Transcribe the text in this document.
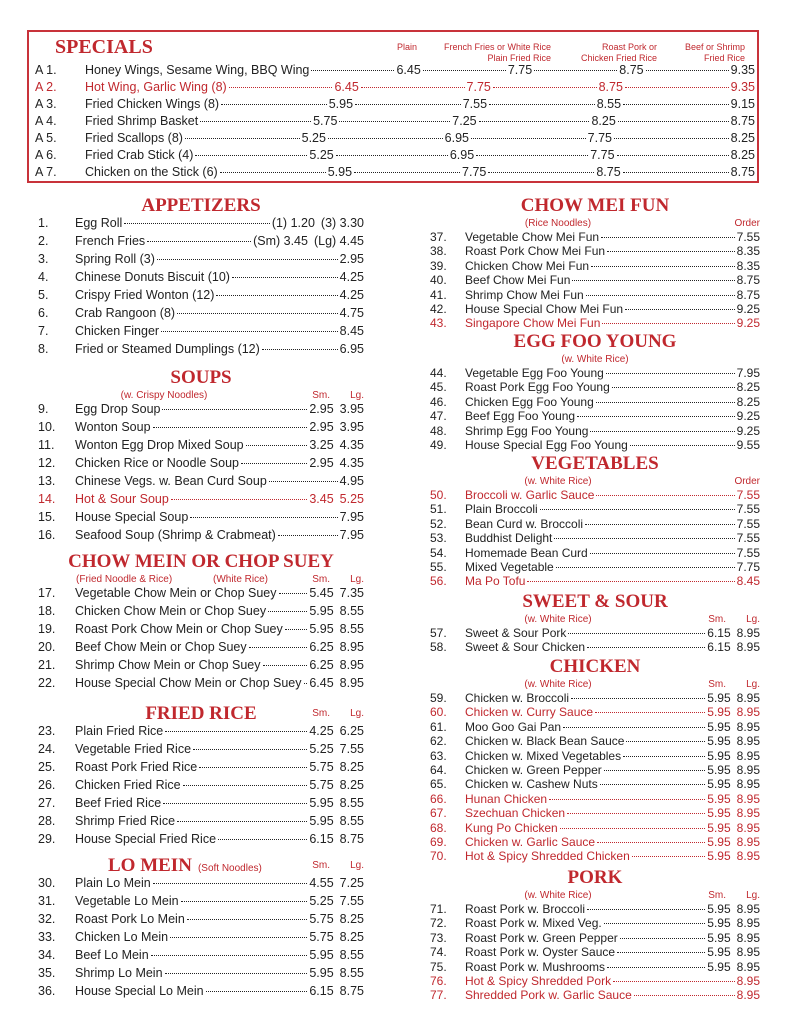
SPECIALS	Plain	French Fries or White Rice Plain Fried Rice
Roast Pork or Chicken Fried Rice
Beef or Shrimp Fried Rice
A 1.	Honey Wings, Sesame Wing, BBQ Wing	6.45	7.75	8.75	9.35
A 2.	Hot Wing, Garlic Wing (8)	6.45	7.75	8.75	9.35
A 3.	Fried Chicken Wings (8)	5.95	7.55	8.55	9.15
A 4.	Fried Shrimp Basket	5.75	7.25	8.25	8.75
A 5.	Fried Scallops (8)	5.25	6.95	7.75	8.25
A 6.	Fried Crab Stick (4)	5.25	6.95	7.75	8.25
A 7.	Chicken on the Stick (6)	5.95	7.75	8.75	8.75
APPETIZERS
1.	Egg Roll	(1) 1.20 (3) 3.30
2.	French Fries	(Sm) 3.45 (Lg) 4.45
3.	Spring Roll (3)	2.95
4.	Chinese Donuts Biscuit (10)	4.25
5.	Crispy Fried Wonton (12)	4.25
6.	Crab Rangoon (8)	4.75
7.	Chicken Finger	8.45
8.	Fried or Steamed Dumplings (12)	6.95
SOUPS
(w. Crispy Noodles)	Sm.	Lg.
9.	Egg Drop Soup	2.95 3.95
10.	Wonton Soup	2.95 3.95
11.	Wonton Egg Drop Mixed Soup	3.25 4.35
12.	Chicken Rice or Noodle Soup	2.95 4.35
13.	Chinese Vegs. w. Bean Curd Soup	4.95
14.	Hot & Sour Soup	3.45 5.25
15.	House Special Soup	7.95
16.	Seafood Soup (Shrimp & Crabmeat)	7.95
CHOW MEIN OR CHOP SUEY
(Fried Noodle & Rice)	(White Rice)	Sm.	Lg.
17.	Vegetable Chow Mein or Chop Suey	5.45 7.35
18.	Chicken Chow Mein or Chop Suey	5.95 8.55
19.	Roast Pork Chow Mein or Chop Suey 5.95 8.55
20.	Beef Chow Mein or Chop Suey	6.25 8.95
21.	Shrimp Chow Mein or Chop Suey	6.25 8.95
22.	House Special Chow Mein or Chop Suey 6.45 8.95
FRIED RICE	Sm.	Lg.
23.	Plain Fried Rice	4.25 6.25
24.	Vegetable Fried Rice	5.25 7.55
25.	Roast Pork Fried Rice	5.75 8.25
26.	Chicken Fried Rice	5.75 8.25
27.	Beef Fried Rice	5.95 8.55
28.	Shrimp Fried Rice	5.95 8.55
29.	House Special Fried Rice	6.15 8.75
LO MEIN (Soft Noodles)	Sm.	Lg.
30.	Plain Lo Mein	4.55 7.25
31.	Vegetable Lo Mein	5.25 7.55
32.	Roast Pork Lo Mein	5.75 8.25
33.	Chicken Lo Mein	5.75 8.25
34.	Beef Lo Mein	5.95 8.55
35.	Shrimp Lo Mein	5.95 8.55
36.	House Special Lo Mein	6.15 8.75
CHOW MEI FUN
(Rice Noodles)	Order
37.	Vegetable Chow Mei Fun	7.55
38.	Roast Pork Chow Mei Fun	8.35
39.	Chicken Chow Mei Fun	8.35
40.	Beef Chow Mei Fun	8.75
41.	Shrimp Chow Mei Fun	8.75
42.	House Special Chow Mei Fun	9.25
43.	Singapore Chow Mei Fun	9.25
EGG FOO YOUNG
(w. White Rice)
44.	Vegetable Egg Foo Young	7.95
45.	Roast Pork Egg Foo Young	8.25
46.	Chicken Egg Foo Young	8.25
47.	Beef Egg Foo Young	9.25
48.	Shrimp Egg Foo Young	9.25
49.	House Special Egg Foo Young	9.55
VEGETABLES
(w. White Rice)	Order
50.	Broccoli w. Garlic Sauce	7.55
51.	Plain Broccoli	7.55
52.	Bean Curd w. Broccoli	7.55
53.	Buddhist Delight	7.55
54.	Homemade Bean Curd	7.55
55.	Mixed Vegetable	7.75
56.	Ma Po Tofu	8.45
SWEET & SOUR
(w. White Rice)	Sm.	Lg.
57.	Sweet & Sour Pork	6.15 8.95
58.	Sweet & Sour Chicken	6.15 8.95
CHICKEN
(w. White Rice)	Sm.	Lg.
59.	Chicken w. Broccoli	5.95 8.95
60.	Chicken w. Curry Sauce	5.95 8.95
61.	Moo Goo Gai Pan	5.95 8.95
62.	Chicken w. Black Bean Sauce	5.95 8.95
63.	Chicken w. Mixed Vegetables	5.95 8.95
64.	Chicken w. Green Pepper	5.95 8.95
65.	Chicken w. Cashew Nuts	5.95 8.95
66.	Hunan Chicken	5.95 8.95
67.	Szechuan Chicken	5.95 8.95
68.	Kung Po Chicken	5.95 8.95
69.	Chicken w. Garlic Sauce	5.95 8.95
70.	Hot & Spicy Shredded Chicken	5.95 8.95
PORK
(w. White Rice)	Sm.	Lg.
71.	Roast Pork w. Broccoli	5.95 8.95
72.	Roast Pork w. Mixed Veg.	5.95 8.95
73.	Roast Pork w. Green Pepper	5.95 8.95
74.	Roast Pork w. Oyster Sauce	5.95 8.95
75.	Roast Pork w. Mushrooms	5.95 8.95
76.	Hot & Spicy Shredded Pork	8.95
77.	Shredded Pork w. Garlic Sauce	8.95
